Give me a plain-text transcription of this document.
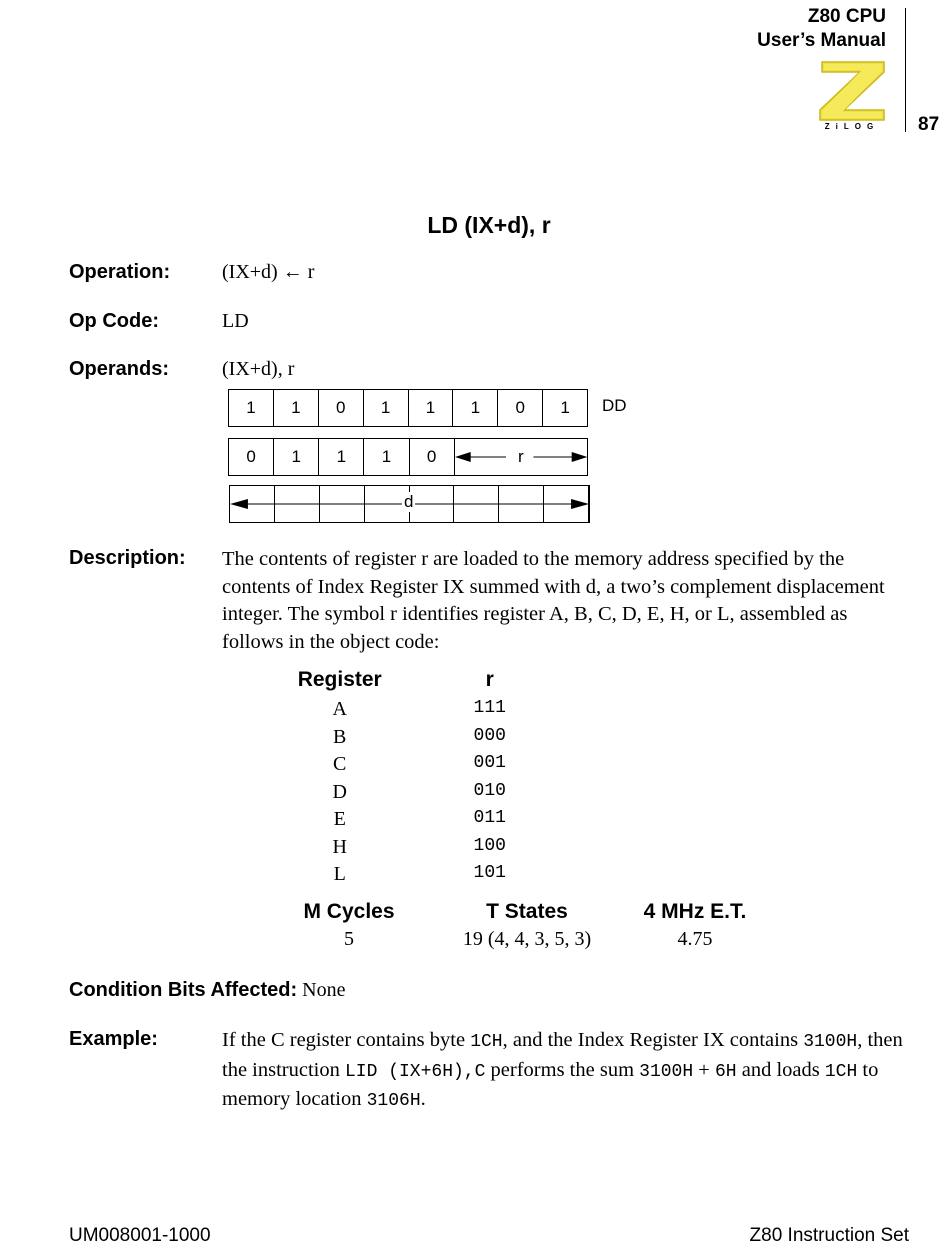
Z80 CPU
User’s Manual
ZiLOG	87
LD (IX+d), r
Operation:	(IX+d) ← r
Op Code:	LD
Operands:	(IX+d), r
1	1	0	1	1	1	0	1	DD
0	1	1	1	0	r
d
Description: The contents of register r are loaded to the memory address specified by the contents of Index Register IX summed with d, a two’s complement displacement integer. The symbol r identifies register A, B, C, D, E, H, or L, assembled as follows in the object code:
Register	r
A	111
B	000
C	001
D	010
E	011
H	100
L	101
M Cycles	T States	4 MHz E.T.
5	19 (4, 4, 3, 5, 3)	4.75
Condition Bits Affected: None
Example:	If the C register contains byte 1CH, and the Index Register IX contains 3100H, then the instruction LID (IX+6H),C performs the sum 3100H + 6H and loads 1CH to memory location 3106H.
UM008001-1000	Z80 Instruction Set
